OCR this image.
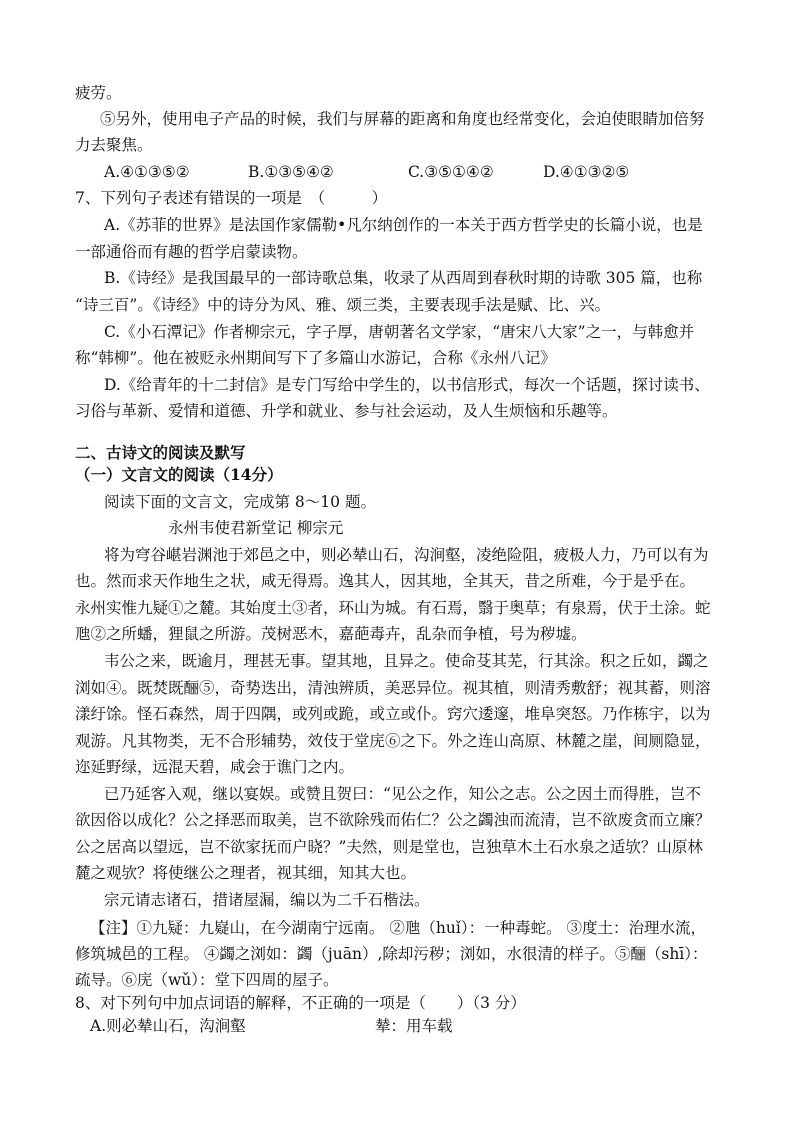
疲劳。
⑤另外，使用电子产品的时候，我们与屏幕的距离和角度也经常变化，会迫使眼睛加倍努
力去聚焦。
A.④①③⑤②	B.①③⑤④②	C.③⑤①④②	D.④①③②⑤
7、下列句子表述有错误的一项是　（　　　）
A.《苏菲的世界》是法国作家儒勒•凡尔纳创作的一本关于西方哲学史的长篇小说，也是
一部通俗而有趣的哲学启蒙读物。
B.《诗经》是我国最早的一部诗歌总集，收录了从西周到春秋时期的诗歌 305 篇，也称
“诗三百”。《诗经》中的诗分为风、雅、颂三类，主要表现手法是赋、比、兴。
C.《小石潭记》作者柳宗元，字子厚，唐朝著名文学家，“唐宋八大家”之一，与韩愈并
称“韩柳”。他在被贬永州期间写下了多篇山水游记，合称《永州八记》
D.《给青年的十二封信》是专门写给中学生的，以书信形式，每次一个话题，探讨读书、
习俗与革新、爱情和道德、升学和就业、参与社会运动，及人生烦恼和乐趣等。
二、古诗文的阅读及默写
（一）文言文的阅读（14分）
阅读下面的文言文，完成第 8～10 题。
永州韦使君新堂记 柳宗元
将为穹谷嵁岩渊池于郊邑之中，则必辇山石，沟涧壑，凌绝险阻，疲极人力，乃可以有为
也。然而求天作地生之状，咸无得焉。逸其人，因其地，全其天，昔之所难，今于是乎在。
永州实惟九疑①之麓。其始度土③者，环山为城。有石焉，翳于奥草；有泉焉，伏于土涂。蛇
虺②之所蟠，狸鼠之所游。茂树恶木，嘉葩毒卉，乱杂而争植，号为秽墟。
韦公之来，既逾月，理甚无事。望其地，且异之。使命芟其芜，行其涂。积之丘如，蠲之
浏如④。既焚既酾⑤，奇势迭出，清浊辨质，美恶异位。视其植，则清秀敷舒；视其蓄，则溶
漾纡馀。怪石森然，周于四隅，或列或跪，或立或仆。窍穴逶邃，堆阜突怒。乃作栋宇，以为
观游。凡其物类，无不合形辅势，效伎于堂庑⑥之下。外之连山高原、林麓之崖，间厕隐显，
迩延野绿，远混天碧，咸会于谯门之内。
已乃延客入观，继以宴娱。或赞且贺曰：“见公之作，知公之志。公之因土而得胜，岂不
欲因俗以成化？公之择恶而取美，岂不欲除残而佑仁？公之蠲浊而流清，岂不欲废贪而立廉？
公之居高以望远，岂不欲家抚而户晓？”夫然，则是堂也，岂独草木土石水泉之适欤？山原林
麓之观欤？将使继公之理者，视其细，知其大也。
宗元请志诸石，措诸屋漏，编以为二千石楷法。
【注】①九疑：九嶷山，在今湖南宁远南。 ②虺（huǐ）：一种毒蛇。 ③度土：治理水流，
修筑城邑的工程。 ④蠲之浏如：蠲（juān）,除却污秽；浏如，水很清的样子。⑤酾（shī）：
疏导。⑥庑（wǔ）：堂下四周的屋子。
8、对下列句中加点词语的解释，不正确的一项是（　　）（3 分）
A.则必辇山石，沟涧壑	辇：用车载
